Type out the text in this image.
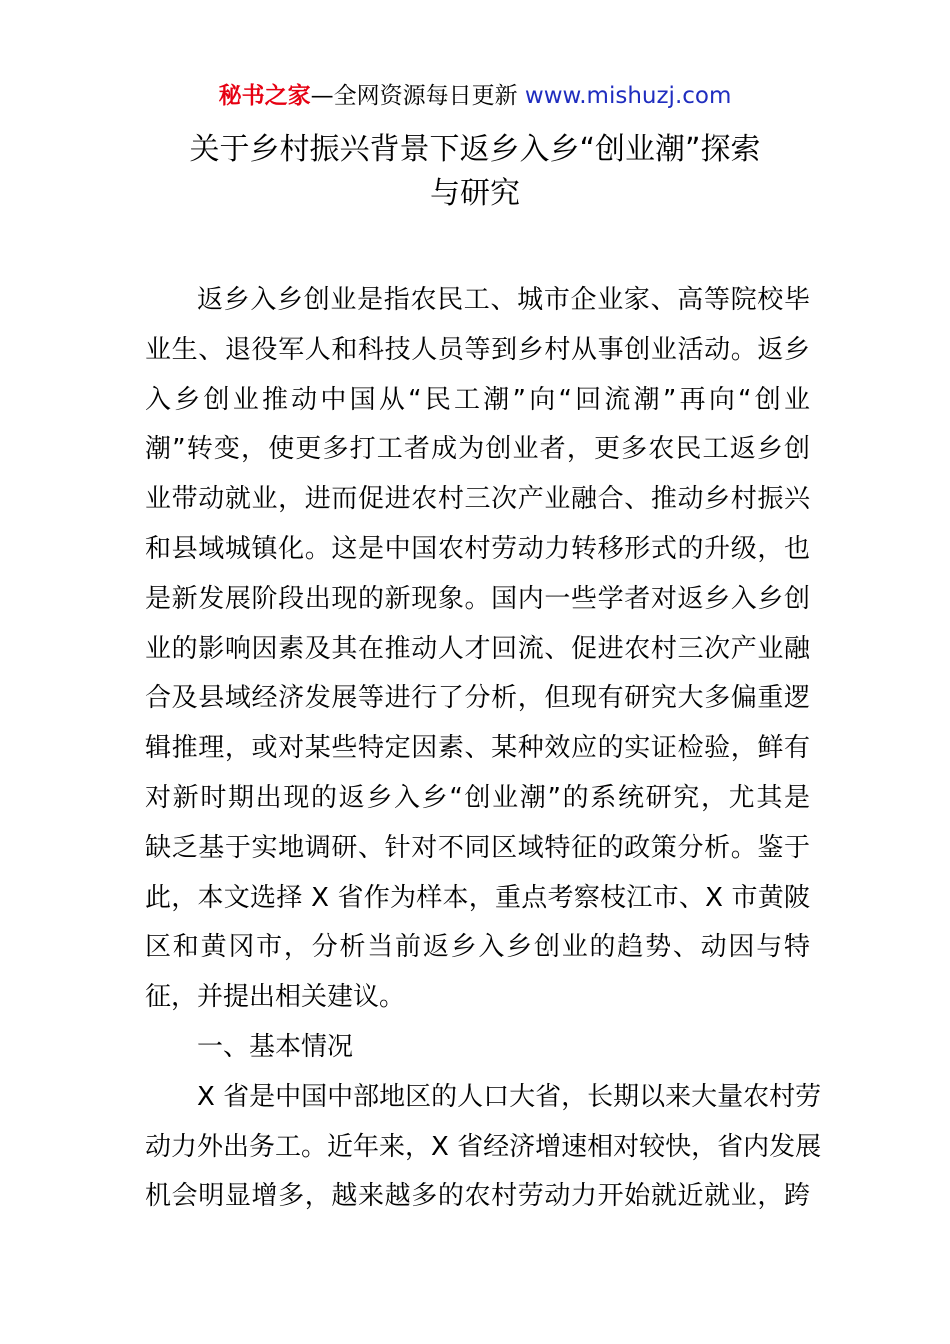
秘书之家—全网资源每日更新 www.mishuzj.com
关于乡村振兴背景下返乡入乡“创业潮”探索
与研究
返乡入乡创业是指农民工、城市企业家、高等院校毕
业生、退役军人和科技人员等到乡村从事创业活动。返乡
入乡创业推动中国从“民工潮”向“回流潮”再向“创业
潮”转变，使更多打工者成为创业者，更多农民工返乡创
业带动就业，进而促进农村三次产业融合、推动乡村振兴
和县域城镇化。这是中国农村劳动力转移形式的升级，也
是新发展阶段出现的新现象。国内一些学者对返乡入乡创
业的影响因素及其在推动人才回流、促进农村三次产业融
合及县域经济发展等进行了分析，但现有研究大多偏重逻
辑推理，或对某些特定因素、某种效应的实证检验，鲜有
对新时期出现的返乡入乡“创业潮”的系统研究，尤其是
缺乏基于实地调研、针对不同区域特征的政策分析。鉴于
此，本文选择 X 省作为样本，重点考察枝江市、X 市黄陂
区和黄冈市，分析当前返乡入乡创业的趋势、动因与特
征，并提出相关建议。
一、基本情况
X 省是中国中部地区的人口大省，长期以来大量农村劳
动力外出务工。近年来，X 省经济增速相对较快，省内发展
机会明显增多，越来越多的农村劳动力开始就近就业，跨
